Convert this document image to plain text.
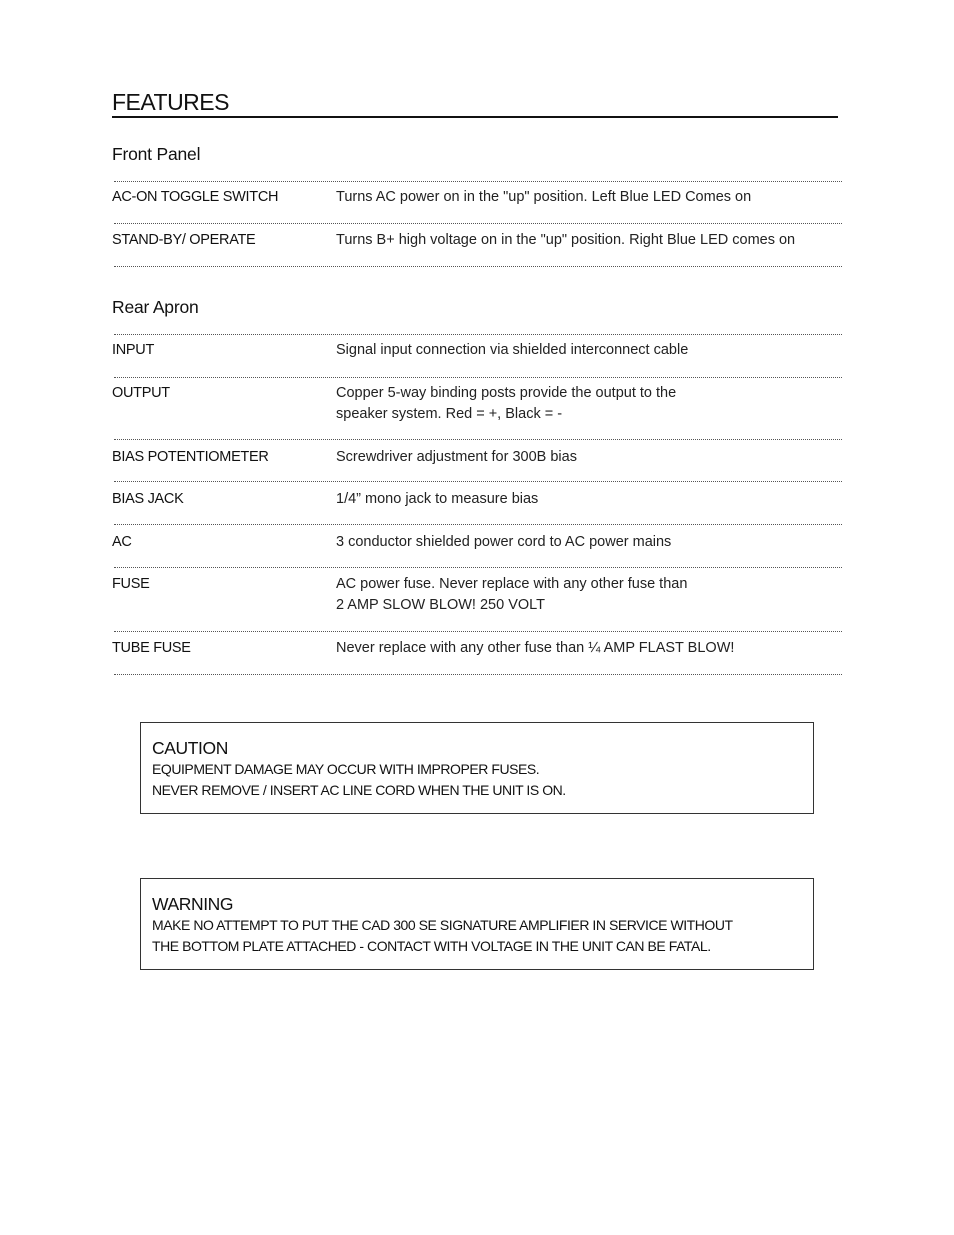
FEATURES
Front Panel
AC-ON TOGGLE SWITCH	Turns AC power on in the "up" position. Left Blue LED Comes on
STAND-BY/ OPERATE	Turns B+ high voltage on in the "up" position. Right Blue LED comes on
Rear Apron
INPUT	Signal input connection via shielded interconnect cable
OUTPUT	Copper 5-way binding posts provide the output to the
speaker system. Red = +, Black = -
BIAS POTENTIOMETER	Screwdriver adjustment for 300B bias
BIAS JACK	1/4” mono jack to measure bias
AC	3 conductor shielded power cord to AC power mains
FUSE	AC power fuse. Never replace with any other fuse than
2 AMP SLOW BLOW! 250 VOLT
TUBE FUSE	Never replace with any other fuse than ¼ AMP FLAST BLOW!
CAUTION
EQUIPMENT DAMAGE MAY OCCUR WITH IMPROPER FUSES.
NEVER REMOVE / INSERT AC LINE CORD WHEN THE UNIT IS ON.
WARNING
MAKE NO ATTEMPT TO PUT THE CAD 300 SE SIGNATURE AMPLIFIER IN SERVICE WITHOUT
THE BOTTOM PLATE ATTACHED - CONTACT WITH VOLTAGE IN THE UNIT CAN BE FATAL.
